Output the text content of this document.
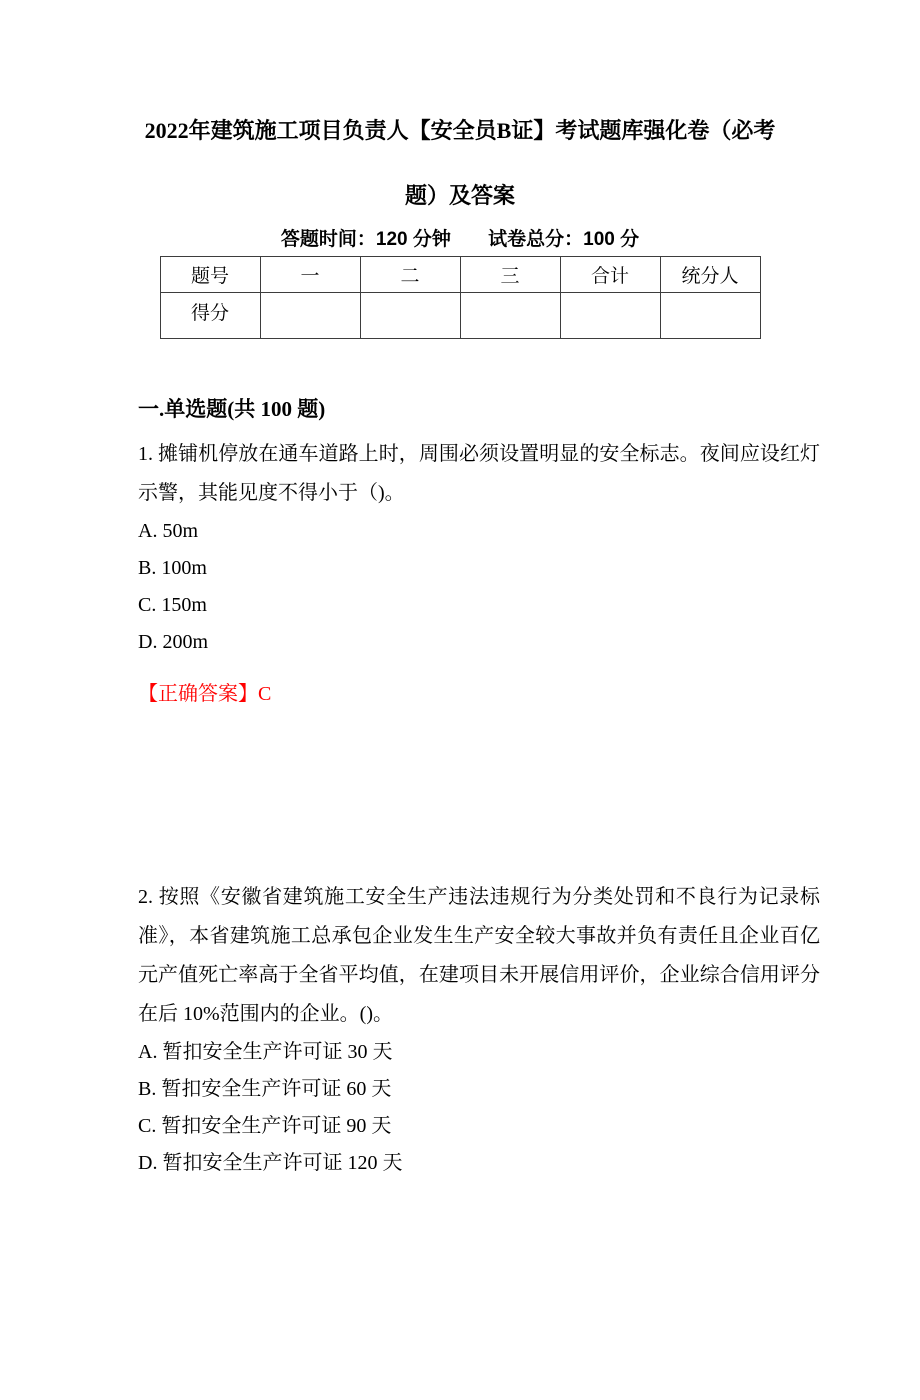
2022年建筑施工项目负责人【安全员B证】考试题库强化卷（必考题）及答案
答题时间：120 分钟 试卷总分：100 分
题号	一	二	三	合计	统分人
得分					
一.单选题(共 100 题)

1. 摊铺机停放在通车道路上时，周围必须设置明显的安全标志。夜间应设红灯示警，其能见度不得小于（)。

A. 50m
B. 100m
C. 150m
D. 200m

【正确答案】C

2. 按照《安徽省建筑施工安全生产违法违规行为分类处罚和不良行为记录标准》，本省建筑施工总承包企业发生生产安全较大事故并负有责任且企业百亿元产值死亡率高于全省平均值，在建项目未开展信用评价，企业综合信用评分在后 10%范围内的企业。()。

A. 暂扣安全生产许可证 30 天
B. 暂扣安全生产许可证 60 天
C. 暂扣安全生产许可证 90 天
D. 暂扣安全生产许可证 120 天
